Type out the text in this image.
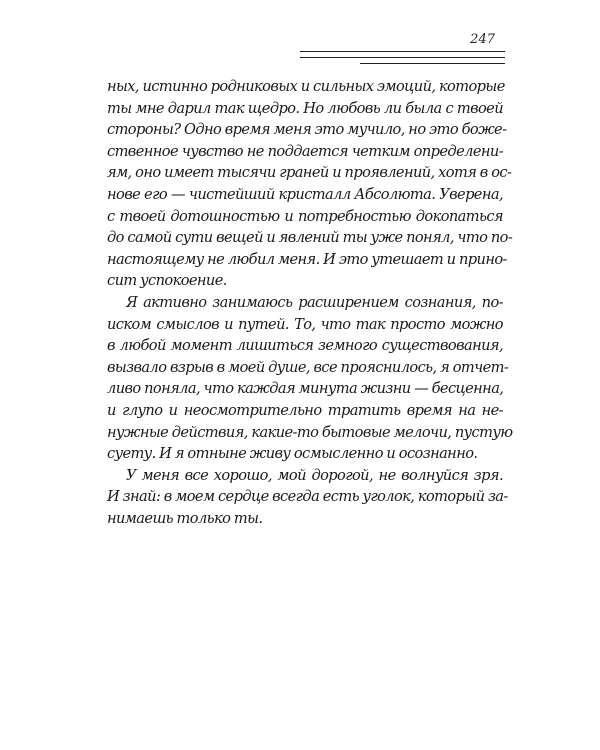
247

ных, истинно родниковых и сильных эмоций, которые
ты мне дарил так щедро. Но любовь ли была с твоей
стороны? Одно время меня это мучило, но это боже-
ственное чувство не поддается четким определени-
ям, оно имеет тысячи граней и проявлений, хотя в ос-
нове его — чистейший кристалл Абсолюта. Уверена,
с твоей дотошностью и потребностью докопаться
до самой сути вещей и явлений ты уже понял, что по-
настоящему не любил меня. И это утешает и прино-
сит успокоение.

Я активно занимаюсь расширением сознания, по-
иском смыслов и путей. То, что так просто можно
в любой момент лишиться земного существования,
вызвало взрыв в моей душе, все прояснилось, я отчет-
ливо поняла, что каждая минута жизни — бесценна,
и глупо и неосмотрительно тратить время на не-
нужные действия, какие-то бытовые мелочи, пустую
суету. И я отныне живу осмысленно и осознанно.

У меня все хорошо, мой дорогой, не волнуйся зря.
И знай: в моем сердце всегда есть уголок, который за-
нимаешь только ты.
